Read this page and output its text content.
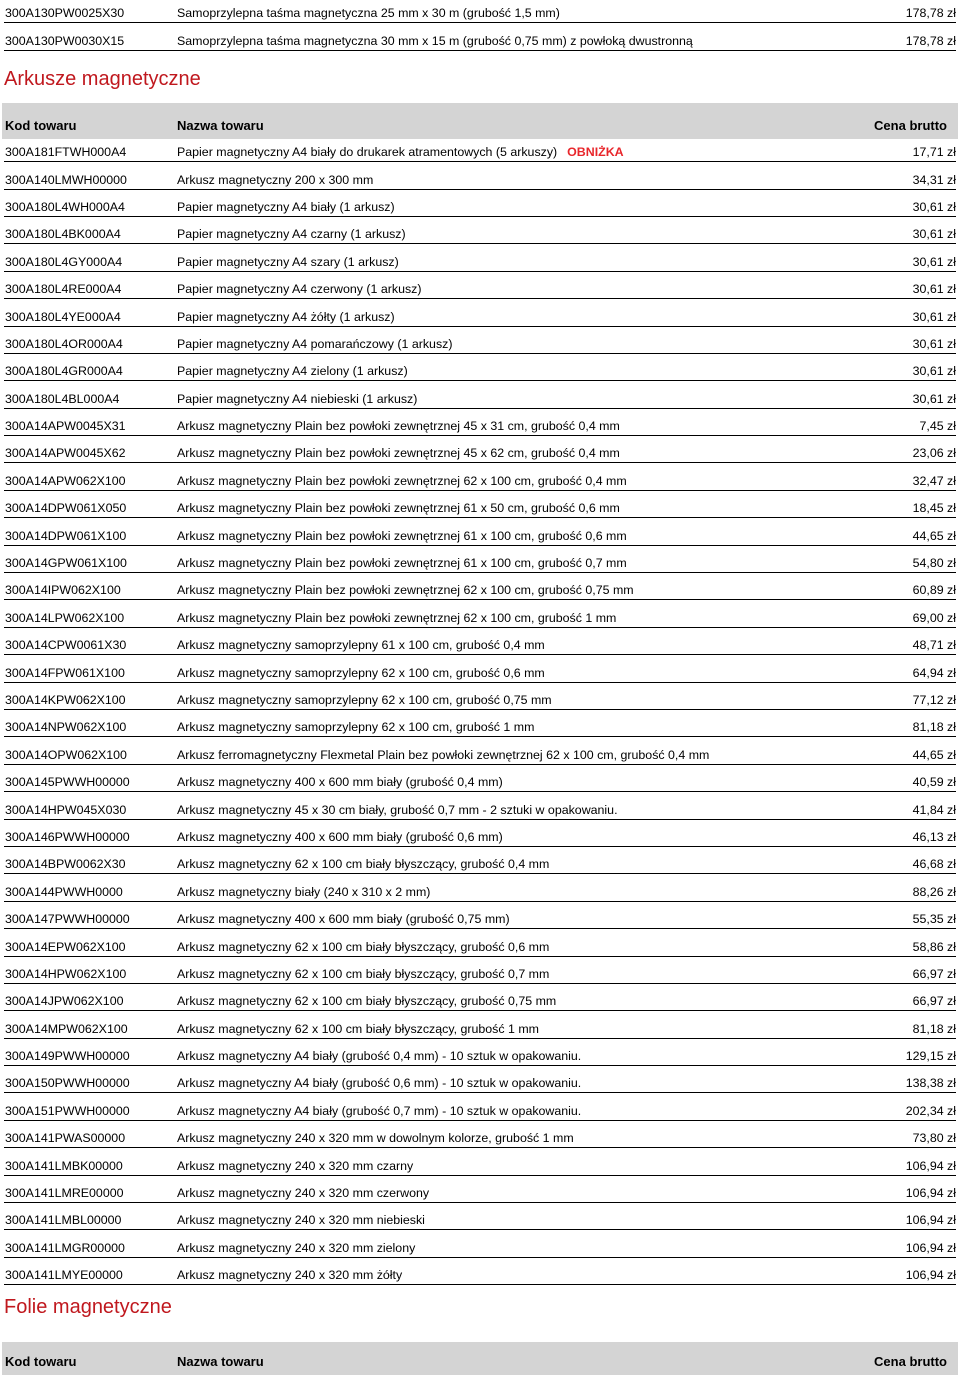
300A130PW0025X30	Samoprzylepna taśma magnetyczna 25 mm x 30 m (grubość 1,5 mm)	178,78 zł
300A130PW0030X15	Samoprzylepna taśma magnetyczna 30 mm x 15 m (grubość 0,75 mm) z powłoką dwustronną	178,78 zł
Arkusze magnetyczne
Kod towaru	Nazwa towaru	Cena brutto
300A181FTWH000A4	Papier magnetyczny A4 biały do drukarek atramentowych (5 arkuszy) OBNIŻKA	17,71 zł
300A140LMWH00000	Arkusz magnetyczny 200 x 300 mm	34,31 zł
300A180L4WH000A4	Papier magnetyczny A4 biały (1 arkusz)	30,61 zł
300A180L4BK000A4	Papier magnetyczny A4 czarny (1 arkusz)	30,61 zł
300A180L4GY000A4	Papier magnetyczny A4 szary (1 arkusz)	30,61 zł
300A180L4RE000A4	Papier magnetyczny A4 czerwony (1 arkusz)	30,61 zł
300A180L4YE000A4	Papier magnetyczny A4 żółty (1 arkusz)	30,61 zł
300A180L4OR000A4	Papier magnetyczny A4 pomarańczowy (1 arkusz)	30,61 zł
300A180L4GR000A4	Papier magnetyczny A4 zielony (1 arkusz)	30,61 zł
300A180L4BL000A4	Papier magnetyczny A4 niebieski (1 arkusz)	30,61 zł
300A14APW0045X31	Arkusz magnetyczny Plain bez powłoki zewnętrznej 45 x 31 cm, grubość 0,4 mm	7,45 zł
300A14APW0045X62	Arkusz magnetyczny Plain bez powłoki zewnętrznej 45 x 62 cm, grubość 0,4 mm	23,06 zł
300A14APW062X100	Arkusz magnetyczny Plain bez powłoki zewnętrznej 62 x 100 cm, grubość 0,4 mm	32,47 zł
300A14DPW061X050	Arkusz magnetyczny Plain bez powłoki zewnętrznej 61 x 50 cm, grubość 0,6 mm	18,45 zł
300A14DPW061X100	Arkusz magnetyczny Plain bez powłoki zewnętrznej 61 x 100 cm, grubość 0,6 mm	44,65 zł
300A14GPW061X100	Arkusz magnetyczny Plain bez powłoki zewnętrznej 61 x 100 cm, grubość 0,7 mm	54,80 zł
300A14IPW062X100	Arkusz magnetyczny Plain bez powłoki zewnętrznej 62 x 100 cm, grubość 0,75 mm	60,89 zł
300A14LPW062X100	Arkusz magnetyczny Plain bez powłoki zewnętrznej 62 x 100 cm, grubość 1 mm	69,00 zł
300A14CPW0061X30	Arkusz magnetyczny samoprzylepny 61 x 100 cm, grubość 0,4 mm	48,71 zł
300A14FPW061X100	Arkusz magnetyczny samoprzylepny 62 x 100 cm, grubość 0,6 mm	64,94 zł
300A14KPW062X100	Arkusz magnetyczny samoprzylepny 62 x 100 cm, grubość 0,75 mm	77,12 zł
300A14NPW062X100	Arkusz magnetyczny samoprzylepny 62 x 100 cm, grubość 1 mm	81,18 zł
300A14OPW062X100	Arkusz ferromagnetyczny Flexmetal Plain bez powłoki zewnętrznej 62 x 100 cm, grubość 0,4 mm	44,65 zł
300A145PWWH00000	Arkusz magnetyczny 400 x 600 mm biały (grubość 0,4 mm)	40,59 zł
300A14HPW045X030	Arkusz magnetyczny 45 x 30 cm biały, grubość 0,7 mm - 2 sztuki w opakowaniu.	41,84 zł
300A146PWWH00000	Arkusz magnetyczny 400 x 600 mm biały (grubość 0,6 mm)	46,13 zł
300A14BPW0062X30	Arkusz magnetyczny 62 x 100 cm biały błyszczący, grubość 0,4 mm	46,68 zł
300A144PWWH0000	Arkusz magnetyczny biały (240 x 310 x 2 mm)	88,26 zł
300A147PWWH00000	Arkusz magnetyczny 400 x 600 mm biały (grubość 0,75 mm)	55,35 zł
300A14EPW062X100	Arkusz magnetyczny 62 x 100 cm biały błyszczący, grubość 0,6 mm	58,86 zł
300A14HPW062X100	Arkusz magnetyczny 62 x 100 cm biały błyszczący, grubość 0,7 mm	66,97 zł
300A14JPW062X100	Arkusz magnetyczny 62 x 100 cm biały błyszczący, grubość 0,75 mm	66,97 zł
300A14MPW062X100	Arkusz magnetyczny 62 x 100 cm biały błyszczący, grubość 1 mm	81,18 zł
300A149PWWH00000	Arkusz magnetyczny A4 biały (grubość 0,4 mm) - 10 sztuk w opakowaniu.	129,15 zł
300A150PWWH00000	Arkusz magnetyczny A4 biały (grubość 0,6 mm) - 10 sztuk w opakowaniu.	138,38 zł
300A151PWWH00000	Arkusz magnetyczny A4 biały (grubość 0,7 mm) - 10 sztuk w opakowaniu.	202,34 zł
300A141PWAS00000	Arkusz magnetyczny 240 x 320 mm w dowolnym kolorze, grubość 1 mm	73,80 zł
300A141LMBK00000	Arkusz magnetyczny 240 x 320 mm czarny	106,94 zł
300A141LMRE00000	Arkusz magnetyczny 240 x 320 mm czerwony	106,94 zł
300A141LMBL00000	Arkusz magnetyczny 240 x 320 mm niebieski	106,94 zł
300A141LMGR00000	Arkusz magnetyczny 240 x 320 mm zielony	106,94 zł
300A141LMYE00000	Arkusz magnetyczny 240 x 320 mm żółty	106,94 zł
Folie magnetyczne
Kod towaru	Nazwa towaru	Cena brutto
